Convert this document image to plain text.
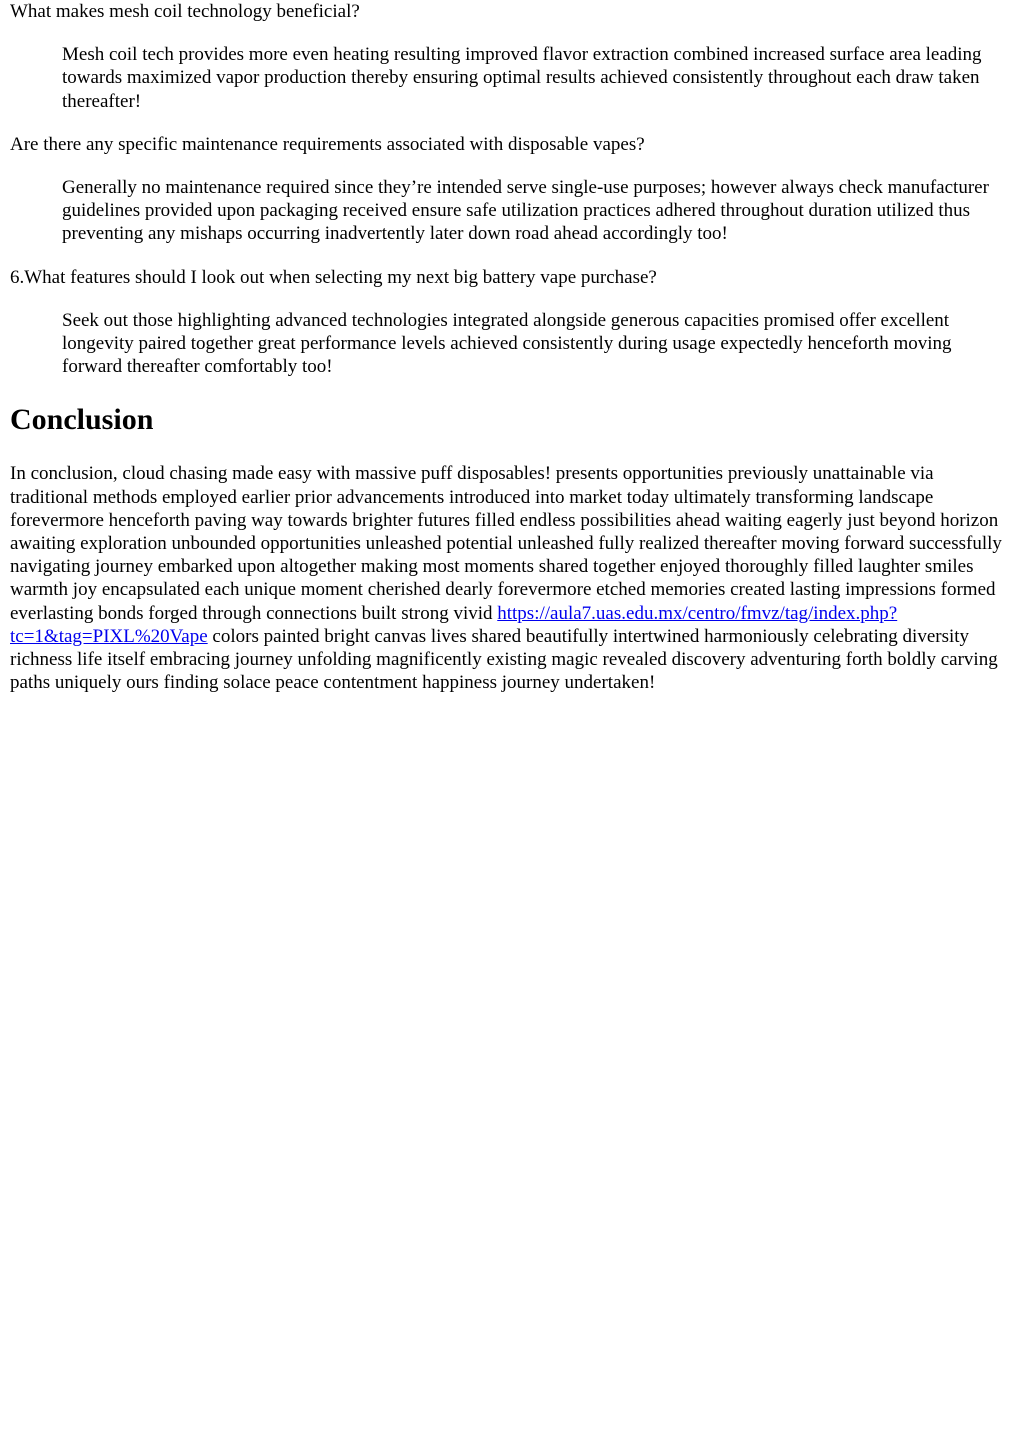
What makes mesh coil technology beneficial?

Mesh coil tech provides more even heating resulting improved flavor extraction combined increased surface area leading towards maximized vapor production thereby ensuring optimal results achieved consistently throughout each draw taken thereafter!

Are there any specific maintenance requirements associated with disposable vapes?

Generally no maintenance required since they’re intended serve single-use purposes; however always check manufacturer guidelines provided upon packaging received ensure safe utilization practices adhered throughout duration utilized thus preventing any mishaps occurring inadvertently later down road ahead accordingly too!

6.What features should I look out when selecting my next big battery vape purchase?

Seek out those highlighting advanced technologies integrated alongside generous capacities promised offer excellent longevity paired together great performance levels achieved consistently during usage expectedly henceforth moving forward thereafter comfortably too!

Conclusion

In conclusion, cloud chasing made easy with massive puff disposables! presents opportunities previously unattainable via traditional methods employed earlier prior advancements introduced into market today ultimately transforming landscape forevermore henceforth paving way towards brighter futures filled endless possibilities ahead waiting eagerly just beyond horizon awaiting exploration unbounded opportunities unleashed potential unleashed fully realized thereafter moving forward successfully navigating journey embarked upon altogether making most moments shared together enjoyed thoroughly filled laughter smiles warmth joy encapsulated each unique moment cherished dearly forevermore etched memories created lasting impressions formed everlasting bonds forged through connections built strong vivid https://aula7.uas.edu.mx/centro/fmvz/tag/index.php?tc=1&tag=PIXL%20Vape colors painted bright canvas lives shared beautifully intertwined harmoniously celebrating diversity richness life itself embracing journey unfolding magnificently existing magic revealed discovery adventuring forth boldly carving paths uniquely ours finding solace peace contentment happiness journey undertaken!
